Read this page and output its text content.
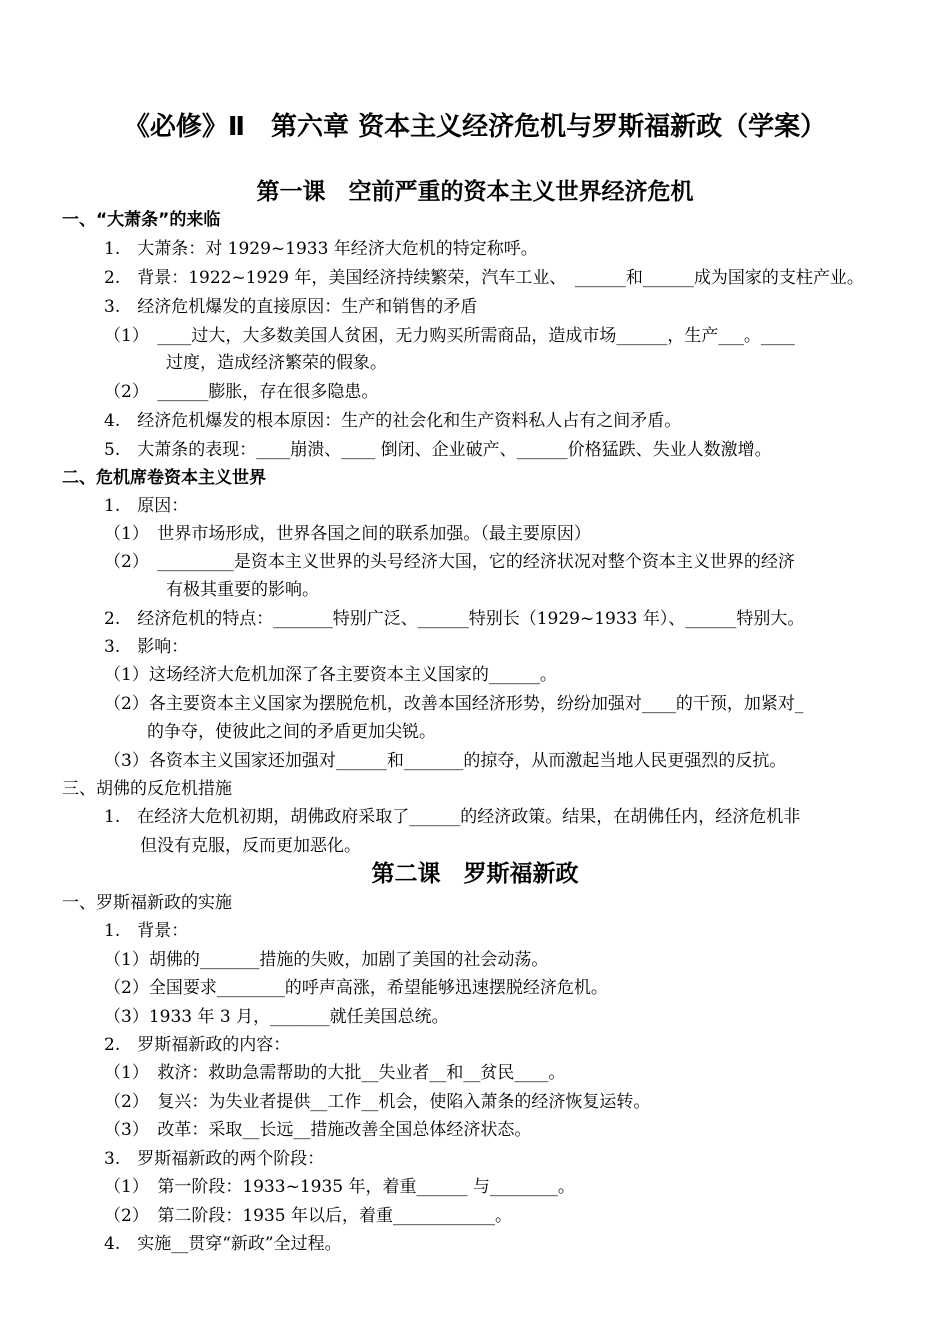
《必修》Ⅱ　第六章 资本主义经济危机与罗斯福新政（学案）
第一课　空前严重的资本主义世界经济危机
一、“大萧条”的来临
1.　大萧条：对 1929~1933 年经济大危机的特定称呼。
2.　背景：1922~1929 年，美国经济持续繁荣，汽车工业、　______和______成为国家的支柱产业。
3.　经济危机爆发的直接原因：生产和销售的矛盾
（1）　____过大，大多数美国人贫困，无力购买所需商品，造成市场______，生产___。____
过度，造成经济繁荣的假象。
（2）　______膨胀，存在很多隐患。
4.　经济危机爆发的根本原因：生产的社会化和生产资料私人占有之间矛盾。
5.　大萧条的表现：____崩溃、____ 倒闭、企业破产、______价格猛跌、失业人数激增。
二、危机席卷资本主义世界
1.　原因：
（1）　世界市场形成，世界各国之间的联系加强。（最主要原因）
（2）　_________是资本主义世界的头号经济大国，它的经济状况对整个资本主义世界的经济
有极其重要的影响。
2.　经济危机的特点：_______特别广泛、______特别长（1929~1933 年）、______特别大。
3.　影响：
（1）这场经济大危机加深了各主要资本主义国家的______。
（2）各主要资本主义国家为摆脱危机，改善本国经济形势，纷纷加强对____的干预，加紧对_
的争夺，使彼此之间的矛盾更加尖锐。
（3）各资本主义国家还加强对______和_______的掠夺，从而激起当地人民更强烈的反抗。
三、胡佛的反危机措施
1.　在经济大危机初期，胡佛政府采取了______的经济政策。结果，在胡佛任内，经济危机非
但没有克服，反而更加恶化。
第二课　罗斯福新政
一、罗斯福新政的实施
1.　背景：
（1）胡佛的_______措施的失败，加剧了美国的社会动荡。
（2）全国要求________的呼声高涨，希望能够迅速摆脱经济危机。
（3）1933 年 3 月，_______就任美国总统。
2.　罗斯福新政的内容：
（1）　救济：救助急需帮助的大批__失业者__和__贫民____。
（2）　复兴：为失业者提供__工作__机会，使陷入萧条的经济恢复运转。
（3）　改革：采取__长远__措施改善全国总体经济状态。
3.　罗斯福新政的两个阶段：
（1）　第一阶段：1933~1935 年，着重______ 与________。
（2）　第二阶段：1935 年以后，着重____________。
4.　实施__贯穿“新政”全过程。
